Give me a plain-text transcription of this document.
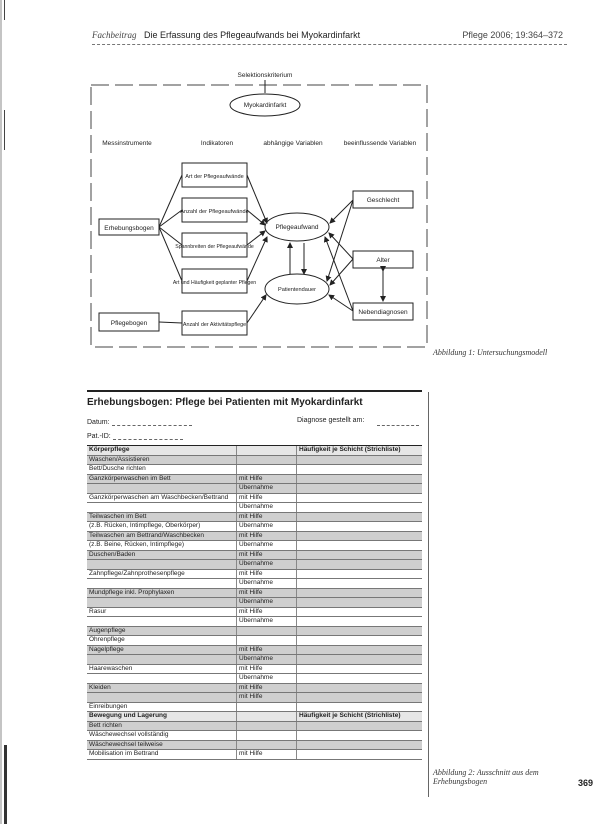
Fachbeitrag Die Erfassung des Pflegeaufwands bei Myokardinfarkt	Pflege 2006; 19:364–372
Selektionskriterium
Myokardinfarkt
Messinstrumente	Indikatoren	abhängige Variablen	beeinflussende Variablen
Art der Pflegeaufwände
Anzahl der Pflegeaufwände
Spannbreiten der Pflegeaufwände
Art und Häufigkeit geplanter Pflegen
Anzahl der Aktivitätspflege
Erhebungsbogen
Pflegebogen
Pflegeaufwand
Patientendauer
Geschlecht
Alter
Nebendiagnosen
Abbildung 1: Untersuchungsmodell
Erhebungsbogen: Pflege bei Patienten mit Myokardinfarkt
Datum:	Diagnose gestellt am:
Pat.-ID:
Körperpflege		Häufigkeit je Schicht (Strichliste)
Waschen/Assistieren		
Bett/Dusche richten		
Ganzkörperwaschen im Bett	mit Hilfe	
	Übernahme	
Ganzkörperwaschen am Waschbecken/Bettrand	mit Hilfe	
	Übernahme	
Teilwaschen im Bett	mit Hilfe	
(z.B. Rücken, Intimpflege, Oberkörper)	Übernahme	
Teilwaschen am Bettrand/Waschbecken	mit Hilfe	
(z.B. Beine, Rücken, Intimpflege)	Übernahme	
Duschen/Baden	mit Hilfe	
	Übernahme	
Zahnpflege/Zahnprothesenpflege	mit Hilfe	
	Übernahme	
Mundpflege inkl. Prophylaxen	mit Hilfe	
	Übernahme	
Rasur	mit Hilfe	
	Übernahme	
Augenpflege		
Ohrenpflege		
Nagelpflege	mit Hilfe	
	Übernahme	
Haarewaschen	mit Hilfe	
	Übernahme	
Kleiden	mit Hilfe	
	mit Hilfe	
Einreibungen		
Bewegung und Lagerung		Häufigkeit je Schicht (Strichliste)
Bett richten		
Wäschewechsel vollständig		
Wäschewechsel teilweise		
Mobilisation im Bettrand	mit Hilfe	
Abbildung 2: Ausschnitt aus dem Erhebungsbogen	369
